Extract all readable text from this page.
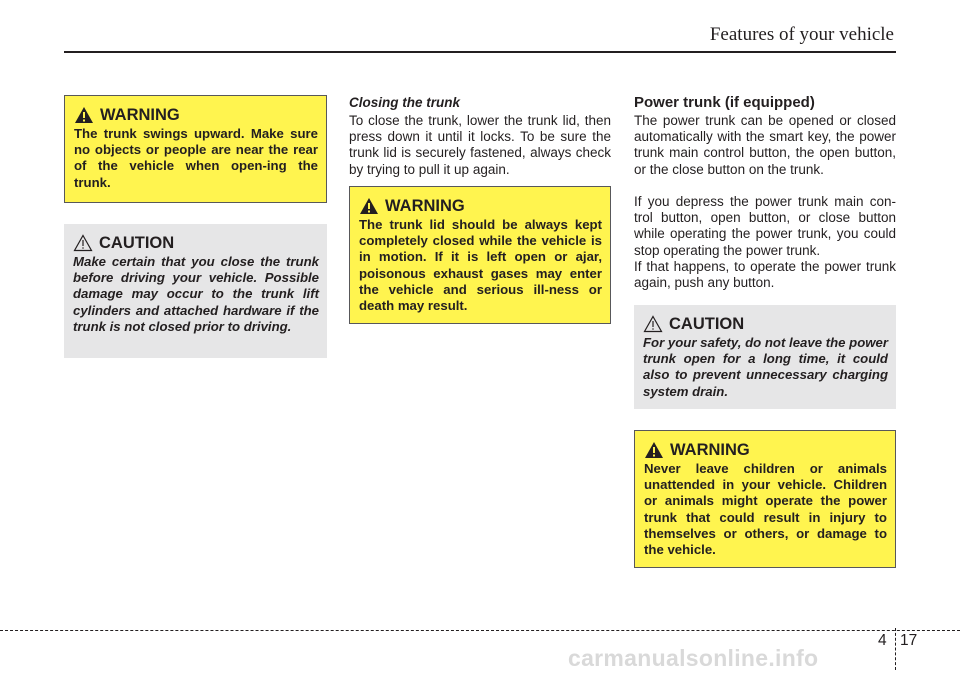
Features of your vehicle
WARNING
The trunk swings upward. Make sure no objects or people are near the rear of the vehicle when open-ing the trunk.
CAUTION
Make certain that you close the trunk before driving your vehicle. Possible damage may occur to the trunk lift cylinders and attached hardware if the trunk is not closed prior to driving.
Closing the trunk
To close the trunk, lower the trunk lid, then press down it until it locks. To be sure the trunk lid is securely fastened, always check by trying to pull it up again.
WARNING
The trunk lid should be always kept completely closed while the vehicle is in motion. If it is left open or ajar, poisonous exhaust gases may enter the vehicle and serious ill-ness or death may result.
Power trunk (if equipped)
The power trunk can be opened or closed automatically with the smart key, the power trunk main control button, the open button, or the close button on the trunk.
If you depress the power trunk main con-trol button, open button, or close button while operating the power trunk, you could stop operating the power trunk.
If that happens, to operate the power trunk again, push any button.
CAUTION
For your safety, do not leave the power trunk open for a long time, it could also to prevent unnecessary charging system drain.
WARNING
Never leave children or animals unattended in your vehicle. Children or animals might operate the power trunk that could result in injury to themselves or others, or damage to the vehicle.
4 17
carmanualsonline.info
